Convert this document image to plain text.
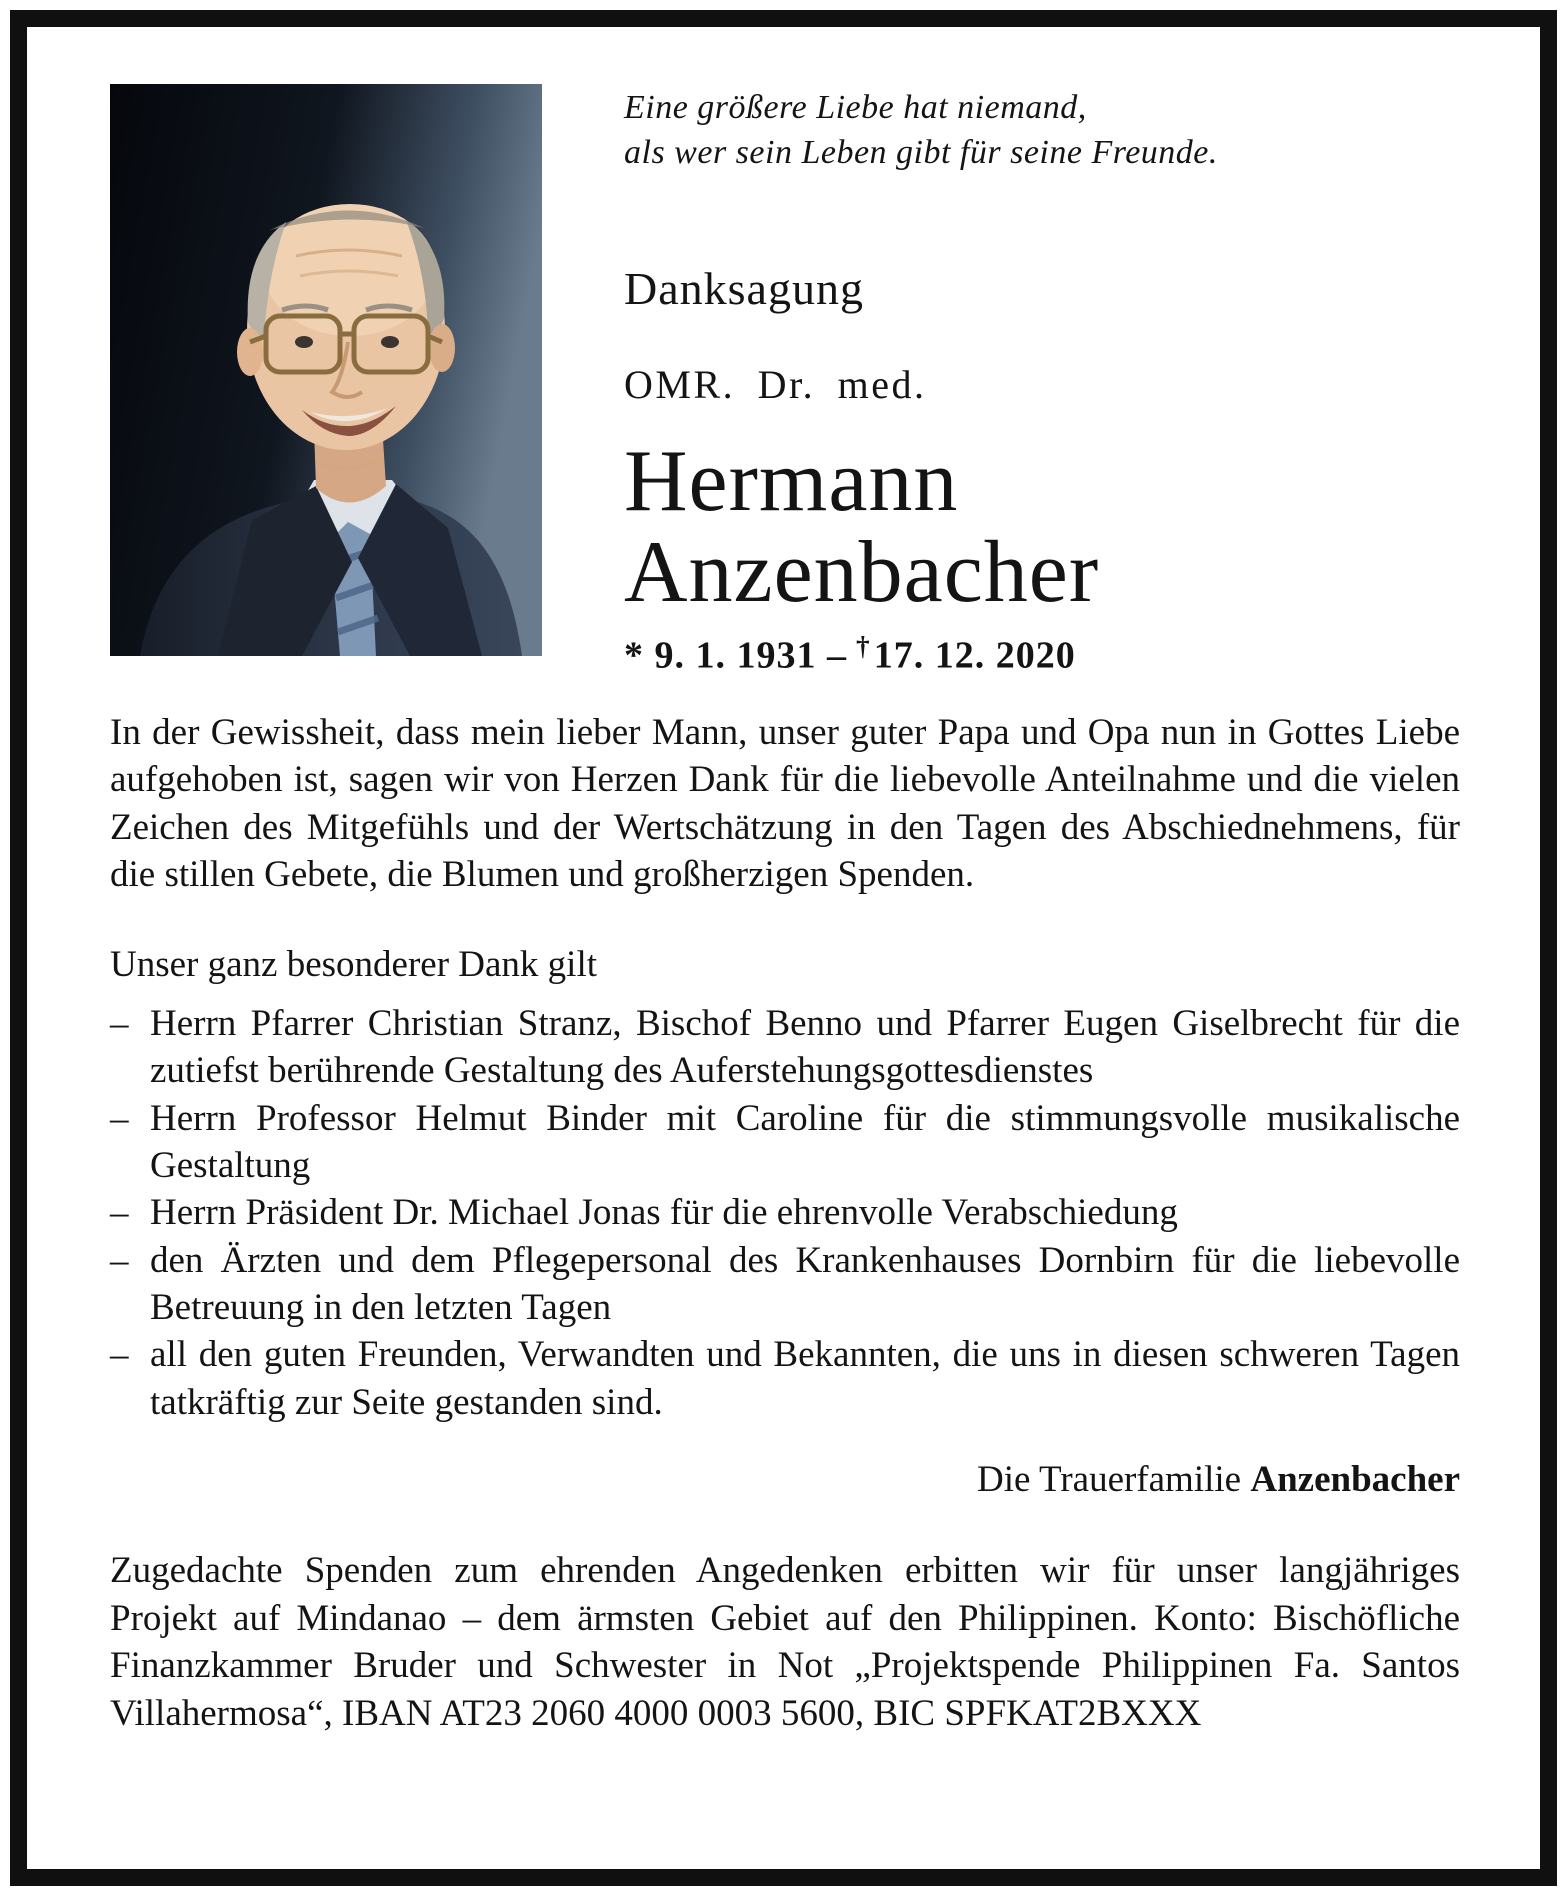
Eine größere Liebe hat niemand,
als wer sein Leben gibt für seine Freunde.
Danksagung
OMR. Dr. med.
Hermann
Anzenbacher
* 9. 1. 1931 – †17. 12. 2020

In der Gewissheit, dass mein lieber Mann, unser guter Papa und Opa nun in Gottes Liebe aufgehoben ist, sagen wir von Herzen Dank für die liebevolle Anteilnahme und die vielen Zeichen des Mitgefühls und der Wertschätzung in den Tagen des Abschiednehmens, für die stillen Gebete, die Blumen und großherzigen Spenden.

Unser ganz besonderer Dank gilt

– Herrn Pfarrer Christian Stranz, Bischof Benno und Pfarrer Eugen Giselbrecht für die zutiefst berührende Gestaltung des Auferstehungsgottesdienstes
– Herrn Professor Helmut Binder mit Caroline für die stimmungsvolle musikalische Gestaltung
– Herrn Präsident Dr. Michael Jonas für die ehrenvolle Verabschiedung
– den Ärzten und dem Pflegepersonal des Krankenhauses Dornbirn für die liebevolle Betreuung in den letzten Tagen
– all den guten Freunden, Verwandten und Bekannten, die uns in diesen schweren Tagen tatkräftig zur Seite gestanden sind.

Die Trauerfamilie Anzenbacher

Zugedachte Spenden zum ehrenden Angedenken erbitten wir für unser langjähriges Projekt auf Mindanao – dem ärmsten Gebiet auf den Philippinen. Konto: Bischöfliche Finanzkammer Bruder und Schwester in Not „Projektspende Philippinen Fa. Santos Villahermosa“, IBAN AT23 2060 4000 0003 5600, BIC SPFKAT2BXXX
